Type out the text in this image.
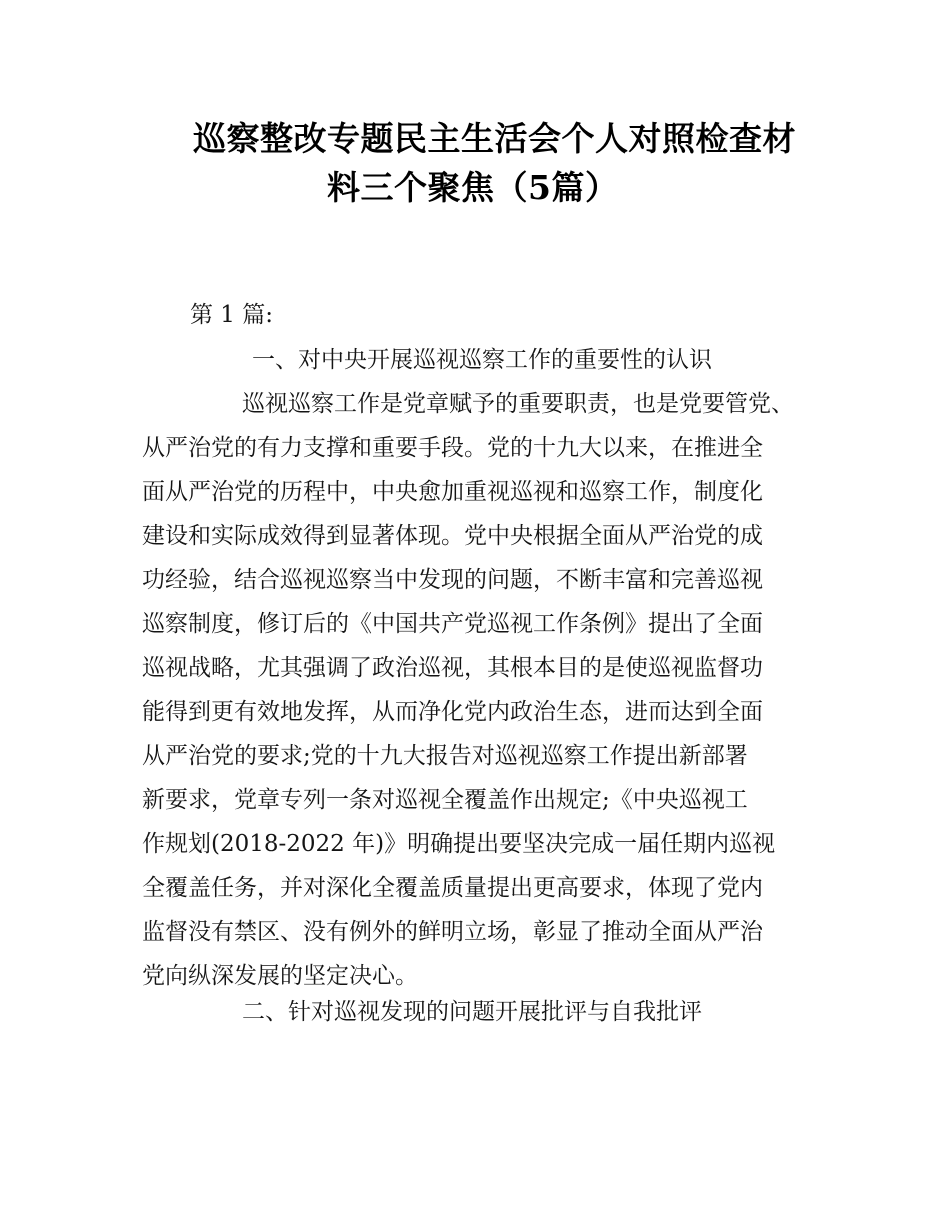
巡察整改专题民主生活会个人对照检查材
料三个聚焦（5篇）
第 1 篇:
一、对中央开展巡视巡察工作的重要性的认识
巡视巡察工作是党章赋予的重要职责，也是党要管党、
从严治党的有力支撑和重要手段。党的十九大以来，在推进全
面从严治党的历程中，中央愈加重视巡视和巡察工作，制度化
建设和实际成效得到显著体现。党中央根据全面从严治党的成
功经验，结合巡视巡察当中发现的问题，不断丰富和完善巡视
巡察制度，修订后的《中国共产党巡视工作条例》提出了全面
巡视战略，尤其强调了政治巡视，其根本目的是使巡视监督功
能得到更有效地发挥，从而净化党内政治生态，进而达到全面
从严治党的要求;党的十九大报告对巡视巡察工作提出新部署
新要求，党章专列一条对巡视全覆盖作出规定;《中央巡视工
作规划(2018-2022 年)》明确提出要坚决完成一届任期内巡视
全覆盖任务，并对深化全覆盖质量提出更高要求，体现了党内
监督没有禁区、没有例外的鲜明立场，彰显了推动全面从严治
党向纵深发展的坚定决心。
二、针对巡视发现的问题开展批评与自我批评
